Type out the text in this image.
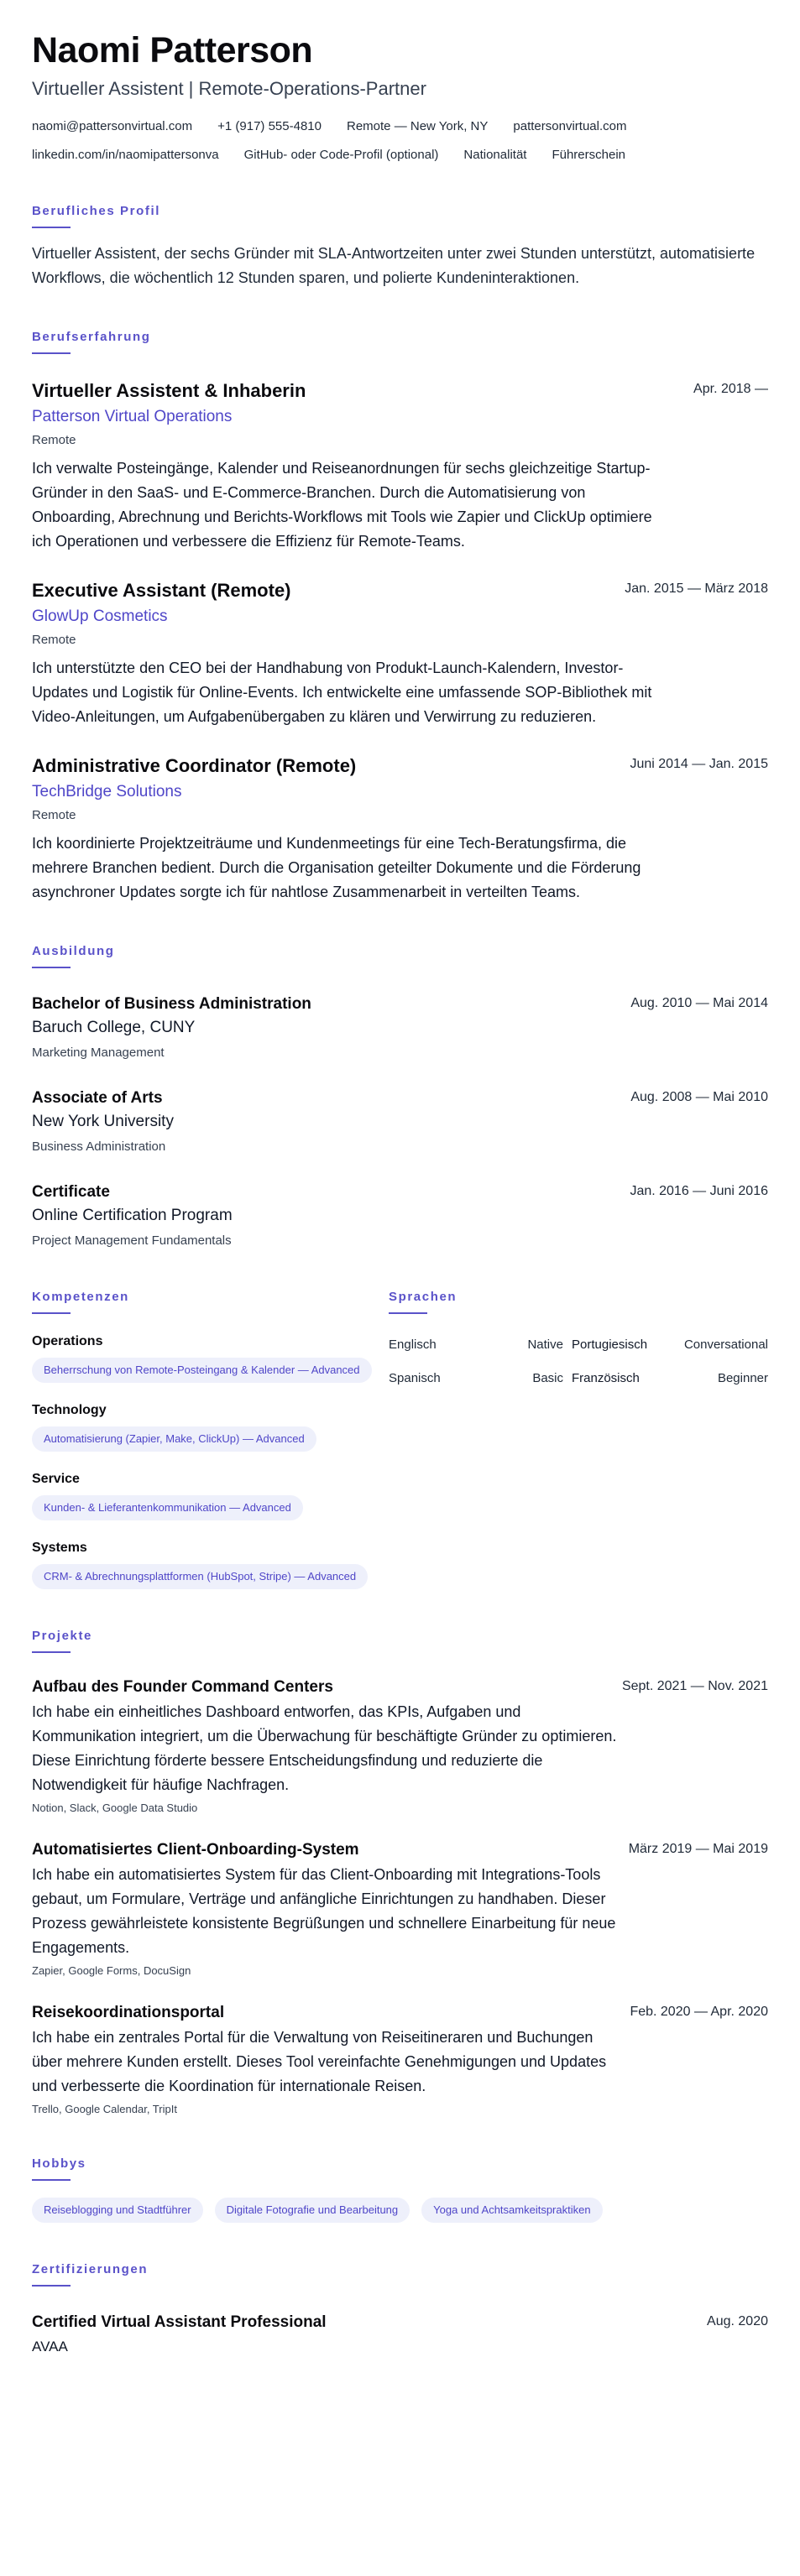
Naomi Patterson
Virtueller Assistent | Remote-Operations-Partner
naomi@pattersonvirtual.com +1 (917) 555-4810 Remote — New York, NY pattersonvirtual.com
linkedin.com/in/naomipattersonva GitHub- oder Code-Profil (optional) Nationalität Führerschein
Berufliches Profil

Virtueller Assistent, der sechs Gründer mit SLA-Antwortzeiten unter zwei Stunden unterstützt, automatisierte Workflows, die wöchentlich 12 Stunden sparen, und polierte Kundeninteraktionen.

Berufserfahrung
Virtueller Assistent & Inhaberin	Apr. 2018 —
Patterson Virtual Operations
Remote

Ich verwalte Posteingänge, Kalender und Reiseanordnungen für sechs gleichzeitige Startup-Gründer in den SaaS- und E-Commerce-Branchen. Durch die Automatisierung von Onboarding, Abrechnung und Berichts-Workflows mit Tools wie Zapier und ClickUp optimiere ich Operationen und verbessere die Effizienz für Remote-Teams.

Executive Assistant (Remote)	Jan. 2015 — März 2018
GlowUp Cosmetics
Remote

Ich unterstützte den CEO bei der Handhabung von Produkt-Launch-Kalendern, Investor-Updates und Logistik für Online-Events. Ich entwickelte eine umfassende SOP-Bibliothek mit Video-Anleitungen, um Aufgabenübergaben zu klären und Verwirrung zu reduzieren.

Administrative Coordinator (Remote)	Juni 2014 — Jan. 2015
TechBridge Solutions
Remote

Ich koordinierte Projektzeiträume und Kundenmeetings für eine Tech-Beratungsfirma, die mehrere Branchen bedient. Durch die Organisation geteilter Dokumente und die Förderung asynchroner Updates sorgte ich für nahtlose Zusammenarbeit in verteilten Teams.

Ausbildung
Bachelor of Business Administration	Aug. 2010 — Mai 2014
Baruch College, CUNY
Marketing Management
Associate of Arts	Aug. 2008 — Mai 2010
New York University
Business Administration
Certificate	Jan. 2016 — Juni 2016
Online Certification Program
Project Management Fundamentals
Kompetenzen
Operations
Beherrschung von Remote-Posteingang & Kalender — Advanced
Technology
Automatisierung (Zapier, Make, ClickUp) — Advanced
Service
Kunden- & Lieferantenkommunikation — Advanced
Systems
CRM- & Abrechnungsplattformen (HubSpot, Stripe) — Advanced
Sprachen
Englisch	Native Portugiesisch	Conversational
Spanisch	Basic Französisch	Beginner
Projekte
Aufbau des Founder Command Centers	Sept. 2021 — Nov. 2021

Ich habe ein einheitliches Dashboard entworfen, das KPIs, Aufgaben und Kommunikation integriert, um die Überwachung für beschäftigte Gründer zu optimieren. Diese Einrichtung förderte bessere Entscheidungsfindung und reduzierte die Notwendigkeit für häufige Nachfragen.

Notion, Slack, Google Data Studio
Automatisiertes Client-Onboarding-System	März 2019 — Mai 2019

Ich habe ein automatisiertes System für das Client-Onboarding mit Integrations-Tools gebaut, um Formulare, Verträge und anfängliche Einrichtungen zu handhaben. Dieser Prozess gewährleistete konsistente Begrüßungen und schnellere Einarbeitung für neue Engagements.

Zapier, Google Forms, DocuSign
Reisekoordinationsportal	Feb. 2020 — Apr. 2020

Ich habe ein zentrales Portal für die Verwaltung von Reiseitineraren und Buchungen über mehrere Kunden erstellt. Dieses Tool vereinfachte Genehmigungen und Updates und verbesserte die Koordination für internationale Reisen.

Trello, Google Calendar, TripIt
Hobbys
Reiseblogging und Stadtführer	Digitale Fotografie und Bearbeitung	Yoga und Achtsamkeitspraktiken
Zertifizierungen
Certified Virtual Assistant Professional	Aug. 2020
AVAA
